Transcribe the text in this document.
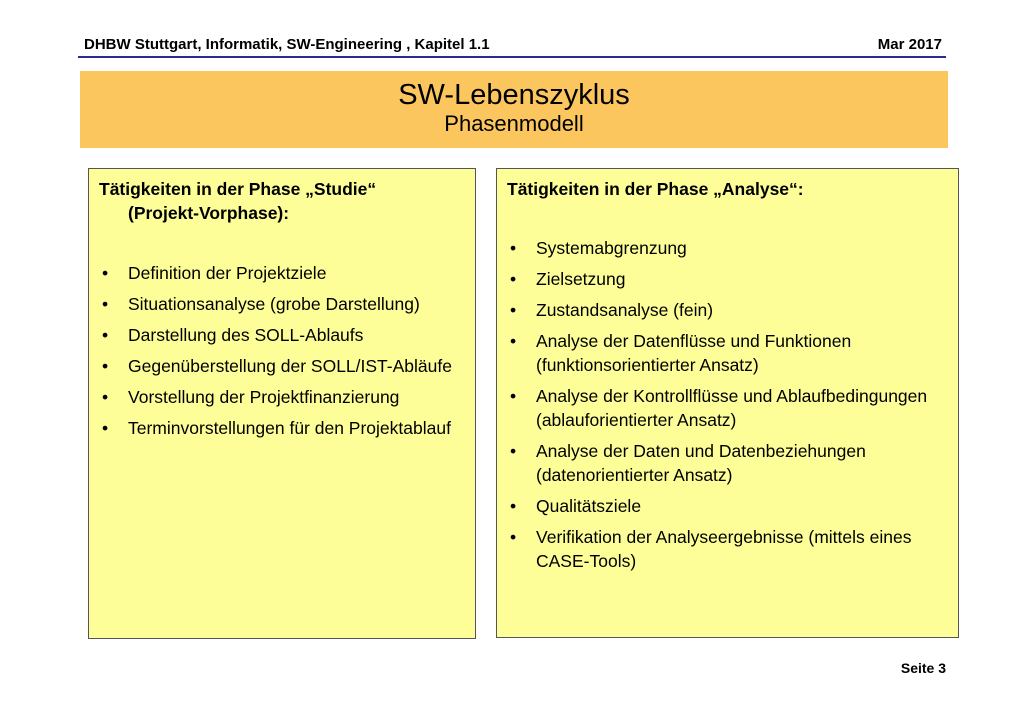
DHBW Stuttgart, Informatik, SW-Engineering , Kapitel 1.1	Mar 2017
SW-Lebenszyklus
Phasenmodell
Tätigkeiten in der Phase „Studie“
(Projekt-Vorphase):
• Definition der Projektziele
• Situationsanalyse (grobe Darstellung)
• Darstellung des SOLL-Ablaufs
• Gegenüberstellung der SOLL/IST-Abläufe
• Vorstellung der Projektfinanzierung
• Terminvorstellungen für den Projektablauf
Tätigkeiten in der Phase „Analyse“:
• Systemabgrenzung
• Zielsetzung
• Zustandsanalyse (fein)
• Analyse der Datenflüsse und Funktionen (funktionsorientierter Ansatz)
• Analyse der Kontrollflüsse und Ablaufbedingungen (ablauforientierter Ansatz)
• Analyse der Daten und Datenbeziehungen (datenorientierter Ansatz)
• Qualitätsziele
• Verifikation der Analyseergebnisse (mittels eines CASE-Tools)
Seite 3
